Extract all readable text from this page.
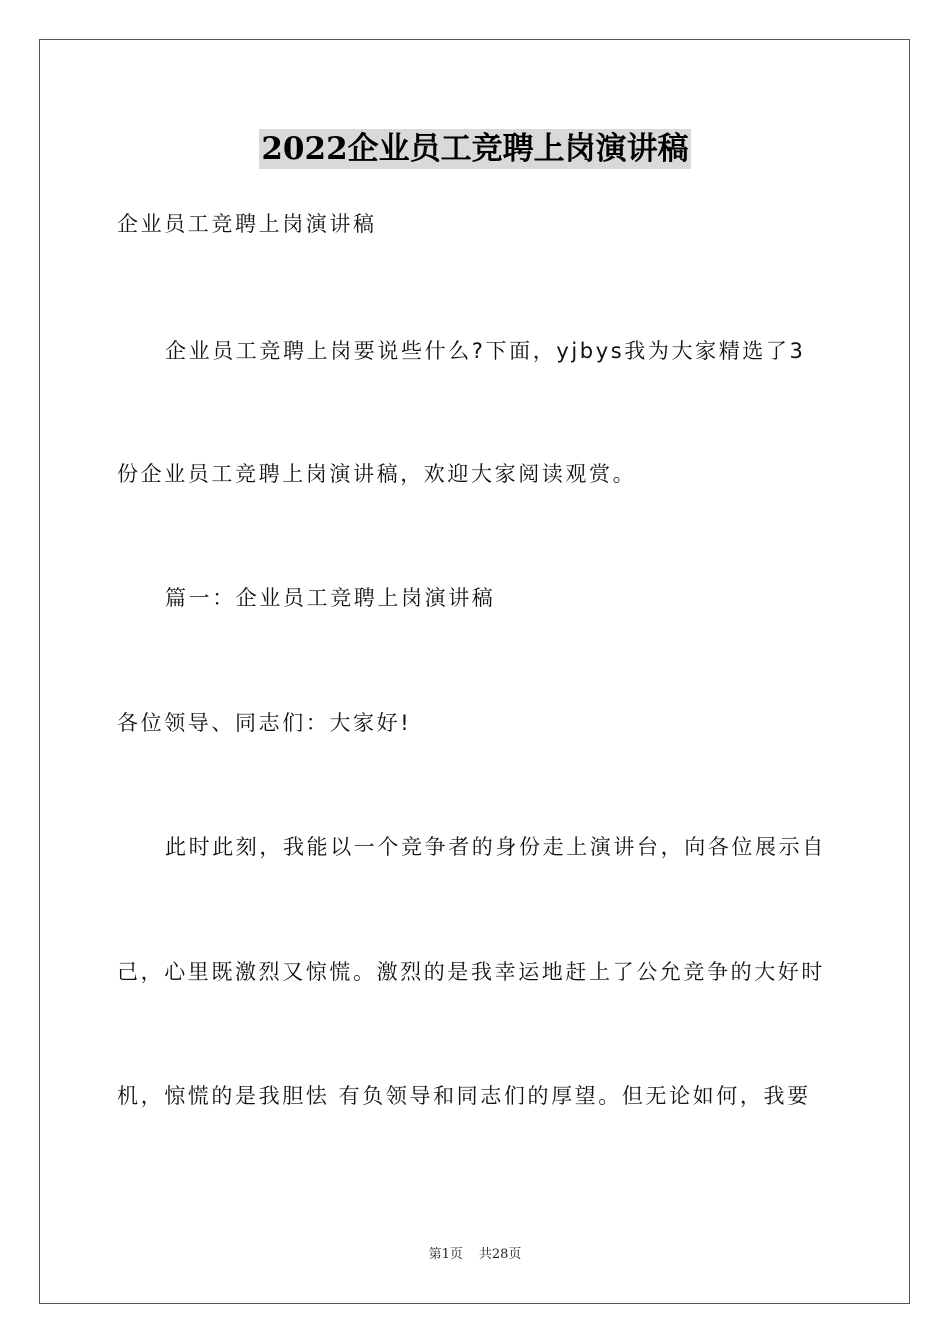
2022企业员工竞聘上岗演讲稿

企业员工竞聘上岗演讲稿

企业员工竞聘上岗要说些什么?下面，yjbys我为大家精选了3

份企业员工竞聘上岗演讲稿，欢迎大家阅读观赏。

篇一：企业员工竞聘上岗演讲稿

各位领导、同志们：大家好!

此时此刻，我能以一个竞争者的身份走上演讲台，向各位展示自

己，心里既激烈又惊慌。激烈的是我幸运地赶上了公允竞争的大好时

机，惊慌的是我胆怯 有负领导和同志们的厚望。但无论如何，我要

第1页 共28页
